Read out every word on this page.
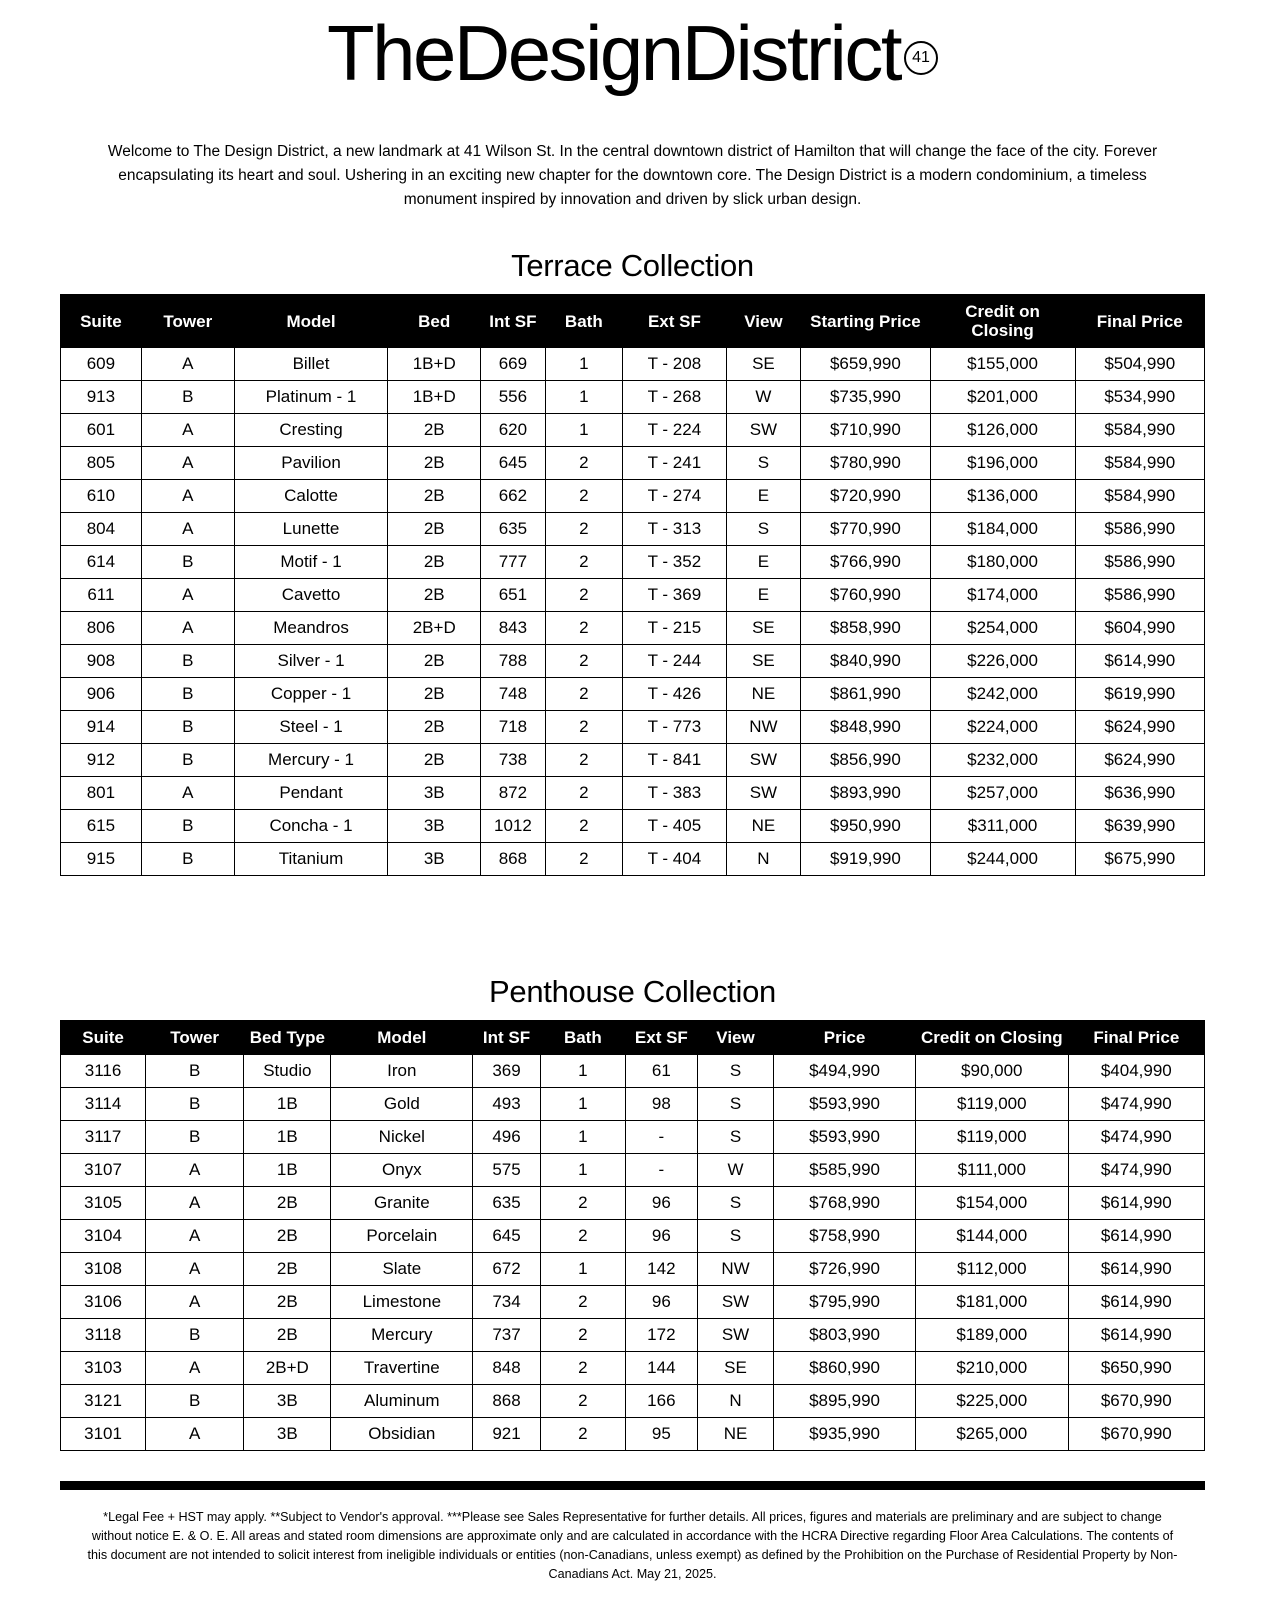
TheDesignDistrict 41

Welcome to The Design District, a new landmark at 41 Wilson St. In the central downtown district of Hamilton that will change the face of the city. Forever encapsulating its heart and soul. Ushering in an exciting new chapter for the downtown core. The Design District is a modern condominium, a timeless monument inspired by innovation and driven by slick urban design.

Terrace Collection
Suite	Tower	Model	Bed	Int SF	Bath	Ext SF	View	Starting Price	Credit on Closing	Final Price
609	A	Billet	1B+D	669	1	T - 208	SE	$659,990	$155,000	$504,990
913	B	Platinum - 1	1B+D	556	1	T - 268	W	$735,990	$201,000	$534,990
601	A	Cresting	2B	620	1	T - 224	SW	$710,990	$126,000	$584,990
805	A	Pavilion	2B	645	2	T - 241	S	$780,990	$196,000	$584,990
610	A	Calotte	2B	662	2	T - 274	E	$720,990	$136,000	$584,990
804	A	Lunette	2B	635	2	T - 313	S	$770,990	$184,000	$586,990
614	B	Motif - 1	2B	777	2	T - 352	E	$766,990	$180,000	$586,990
611	A	Cavetto	2B	651	2	T - 369	E	$760,990	$174,000	$586,990
806	A	Meandros	2B+D	843	2	T - 215	SE	$858,990	$254,000	$604,990
908	B	Silver - 1	2B	788	2	T - 244	SE	$840,990	$226,000	$614,990
906	B	Copper - 1	2B	748	2	T - 426	NE	$861,990	$242,000	$619,990
914	B	Steel - 1	2B	718	2	T - 773	NW	$848,990	$224,000	$624,990
912	B	Mercury - 1	2B	738	2	T - 841	SW	$856,990	$232,000	$624,990
801	A	Pendant	3B	872	2	T - 383	SW	$893,990	$257,000	$636,990
615	B	Concha - 1	3B	1012	2	T - 405	NE	$950,990	$311,000	$639,990
915	B	Titanium	3B	868	2	T - 404	N	$919,990	$244,000	$675,990
Penthouse Collection
Suite	Tower	Bed Type	Model	Int SF	Bath	Ext SF	View	Price	Credit on Closing	Final Price
3116	B	Studio	Iron	369	1	61	S	$494,990	$90,000	$404,990
3114	B	1B	Gold	493	1	98	S	$593,990	$119,000	$474,990
3117	B	1B	Nickel	496	1	-	S	$593,990	$119,000	$474,990
3107	A	1B	Onyx	575	1	-	W	$585,990	$111,000	$474,990
3105	A	2B	Granite	635	2	96	S	$768,990	$154,000	$614,990
3104	A	2B	Porcelain	645	2	96	S	$758,990	$144,000	$614,990
3108	A	2B	Slate	672	1	142	NW	$726,990	$112,000	$614,990
3106	A	2B	Limestone	734	2	96	SW	$795,990	$181,000	$614,990
3118	B	2B	Mercury	737	2	172	SW	$803,990	$189,000	$614,990
3103	A	2B+D	Travertine	848	2	144	SE	$860,990	$210,000	$650,990
3121	B	3B	Aluminum	868	2	166	N	$895,990	$225,000	$670,990
3101	A	3B	Obsidian	921	2	95	NE	$935,990	$265,000	$670,990

*Legal Fee + HST may apply. **Subject to Vendor's approval. ***Please see Sales Representative for further details. All prices, figures and materials are preliminary and are subject to change without notice E. & O. E. All areas and stated room dimensions are approximate only and are calculated in accordance with the HCRA Directive regarding Floor Area Calculations. The contents of this document are not intended to solicit interest from ineligible individuals or entities (non-Canadians, unless exempt) as defined by the Prohibition on the Purchase of Residential Property by Non-Canadians Act. May 21, 2025.
